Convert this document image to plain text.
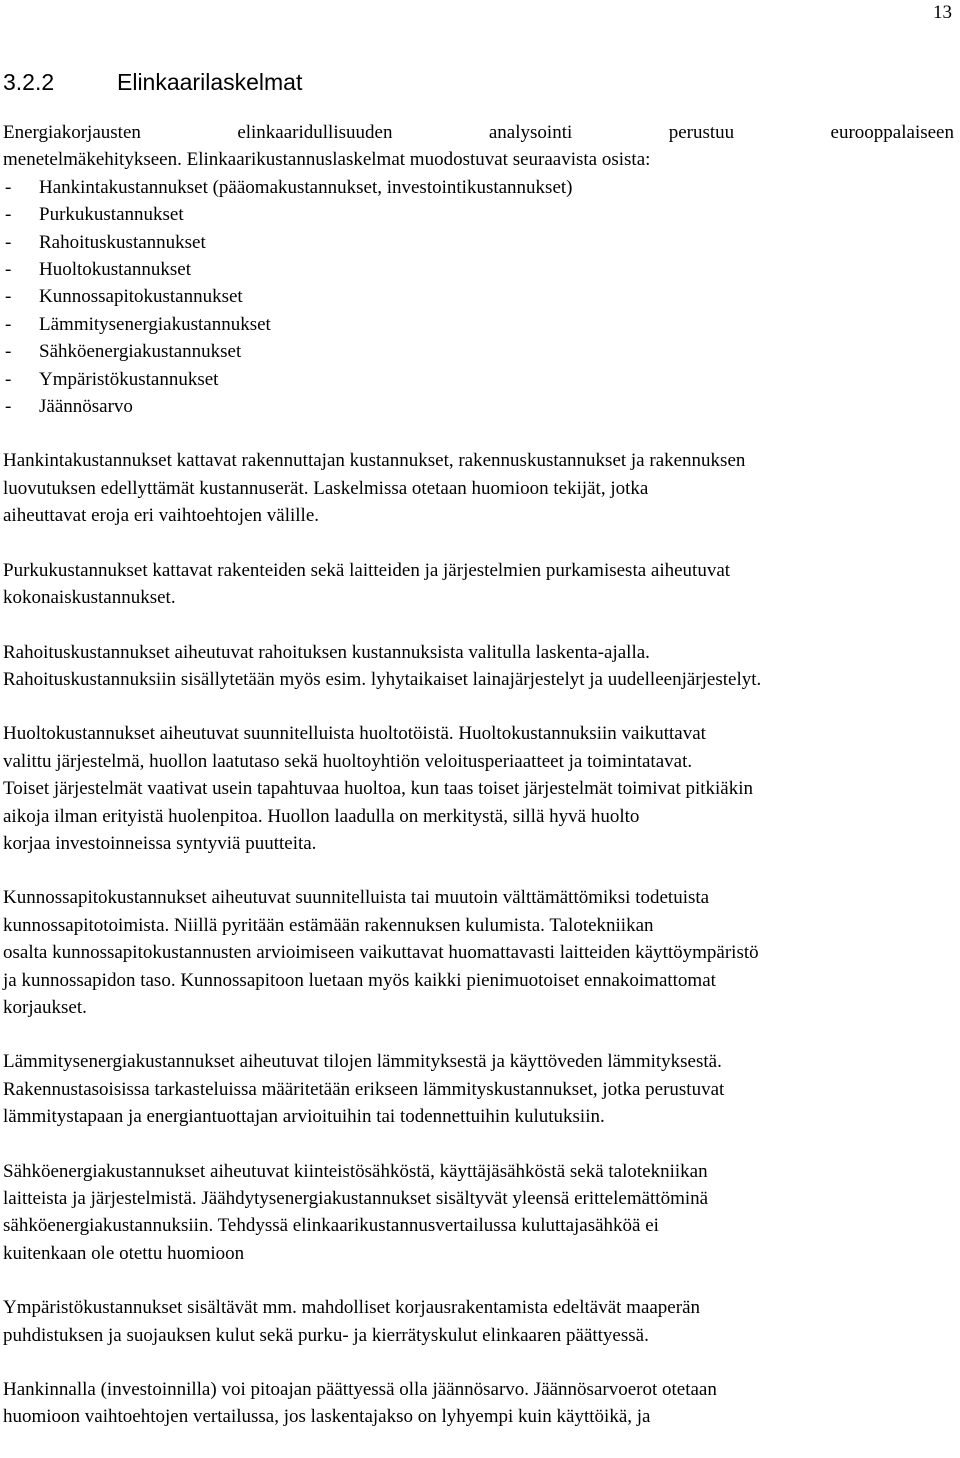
13
3.2.2	Elinkaarilaskelmat
Energiakorjausten	elinkaaridullisuuden	analysointi	perustuu	eurooppalaiseen
menetelmäkehitykseen. Elinkaarikustannuslaskelmat muodostuvat seuraavista osista:
-	Hankintakustannukset (pääomakustannukset, investointikustannukset)
-	Purkukustannukset
-	Rahoituskustannukset
-	Huoltokustannukset
-	Kunnossapitokustannukset
-	Lämmitysenergiakustannukset
-	Sähköenergiakustannukset
-	Ympäristökustannukset
-	Jäännösarvo

Hankintakustannukset kattavat rakennuttajan kustannukset, rakennuskustannukset ja rakennuksen
luovutuksen edellyttämät kustannuserät. Laskelmissa otetaan huomioon tekijät, jotka
aiheuttavat eroja eri vaihtoehtojen välille.

Purkukustannukset kattavat rakenteiden sekä laitteiden ja järjestelmien purkamisesta aiheutuvat
kokonaiskustannukset.

Rahoituskustannukset aiheutuvat rahoituksen kustannuksista valitulla laskenta-ajalla.
Rahoituskustannuksiin sisällytetään myös esim. lyhytaikaiset lainajärjestelyt ja uudelleenjärjestelyt.

Huoltokustannukset aiheutuvat suunnitelluista huoltotöistä. Huoltokustannuksiin vaikuttavat
valittu järjestelmä, huollon laatutaso sekä huoltoyhtiön veloitusperiaatteet ja toimintatavat.
Toiset järjestelmät vaativat usein tapahtuvaa huoltoa, kun taas toiset järjestelmät toimivat pitkiäkin
aikoja ilman erityistä huolenpitoa. Huollon laadulla on merkitystä, sillä hyvä huolto
korjaa investoinneissa syntyviä puutteita.

Kunnossapitokustannukset aiheutuvat suunnitelluista tai muutoin välttämättömiksi todetuista
kunnossapitotoimista. Niillä pyritään estämään rakennuksen kulumista. Talotekniikan
osalta kunnossapitokustannusten arvioimiseen vaikuttavat huomattavasti laitteiden käyttöympäristö
ja kunnossapidon taso. Kunnossapitoon luetaan myös kaikki pienimuotoiset ennakoimattomat
korjaukset.

Lämmitysenergiakustannukset aiheutuvat tilojen lämmityksestä ja käyttöveden lämmityksestä.
Rakennustasoisissa tarkasteluissa määritetään erikseen lämmityskustannukset, jotka perustuvat
lämmitystapaan ja energiantuottajan arvioituihin tai todennettuihin kulutuksiin.

Sähköenergiakustannukset aiheutuvat kiinteistösähköstä, käyttäjäsähköstä sekä talotekniikan
laitteista ja järjestelmistä. Jäähdytysenergiakustannukset sisältyvät yleensä erittelemättöminä
sähköenergiakustannuksiin. Tehdyssä elinkaarikustannusvertailussa kuluttajasähköä ei
kuitenkaan ole otettu huomioon

Ympäristökustannukset sisältävät mm. mahdolliset korjausrakentamista edeltävät maaperän
puhdistuksen ja suojauksen kulut sekä purku- ja kierrätyskulut elinkaaren päättyessä.

Hankinnalla (investoinnilla) voi pitoajan päättyessä olla jäännösarvo. Jäännösarvoerot otetaan
huomioon vaihtoehtojen vertailussa, jos laskentajakso on lyhyempi kuin käyttöikä, ja
